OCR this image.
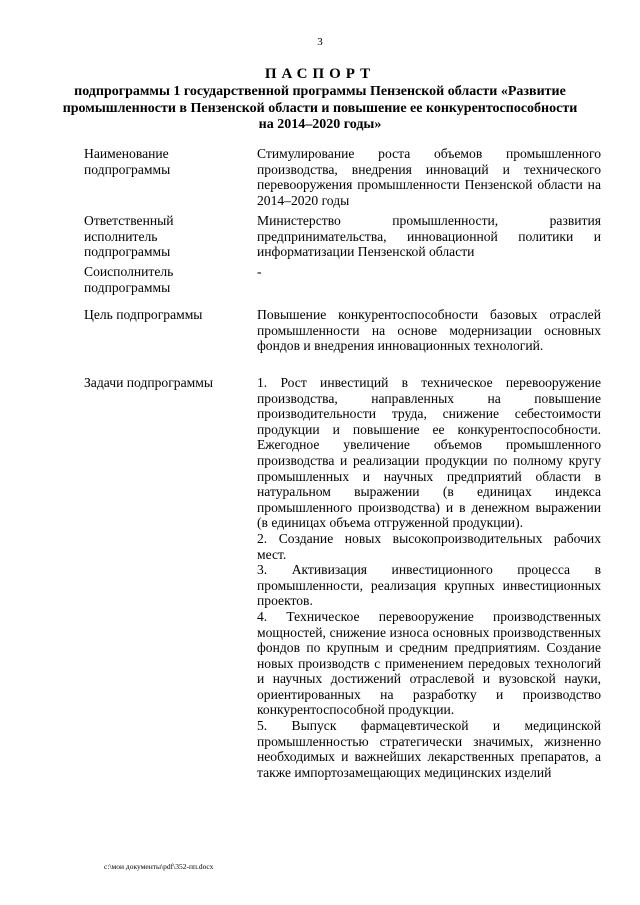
3
ПАСПОРТ
подпрограммы 1 государственной программы Пензенской области «Развитие промышленности в Пензенской области и повышение ее конкурентоспособности на 2014–2020 годы»
Наименование подпрограммы
Стимулирование роста объемов промышленного производства, внедрения инноваций и технического перевооружения промышленности Пензенской области на 2014–2020 годы
Ответственный исполнитель подпрограммы
Министерство промышленности, развития предпринимательства, инновационной политики и информатизации Пензенской области
Соисполнитель подпрограммы
-
Цель подпрограммы	Повышение конкурентоспособности базовых отраслей промышленности на основе модернизации основных фондов и внедрения инновационных технологий.
Задачи подпрограммы	1. Рост инвестиций в техническое перевооружение производства, направленных на повышение производительности труда, снижение себестоимости продукции и повышение ее конкурентоспособности. Ежегодное увеличение объемов промышленного производства и реализации продукции по полному кругу промышленных и научных предприятий области в натуральном выражении (в единицах индекса промышленного производства) и в денежном выражении (в единицах объема отгруженной продукции).

2. Создание новых высокопроизводительных рабочих мест.

3. Активизация инвестиционного процесса в промышленности, реализация крупных инвестиционных проектов.

4. Техническое перевооружение производственных мощностей, снижение износа основных производственных фондов по крупным и средним предприятиям. Создание новых производств с применением передовых технологий и научных достижений отраслевой и вузовской науки, ориентированных на разработку и производство конкурентоспособной продукции.

5. Выпуск фармацевтической и медицинской промышленностью стратегически значимых, жизненно необходимых и важнейших лекарственных препаратов, а также импортозамещающих медицинских изделий

c:\мои документы\pdf\352-пп.docx
